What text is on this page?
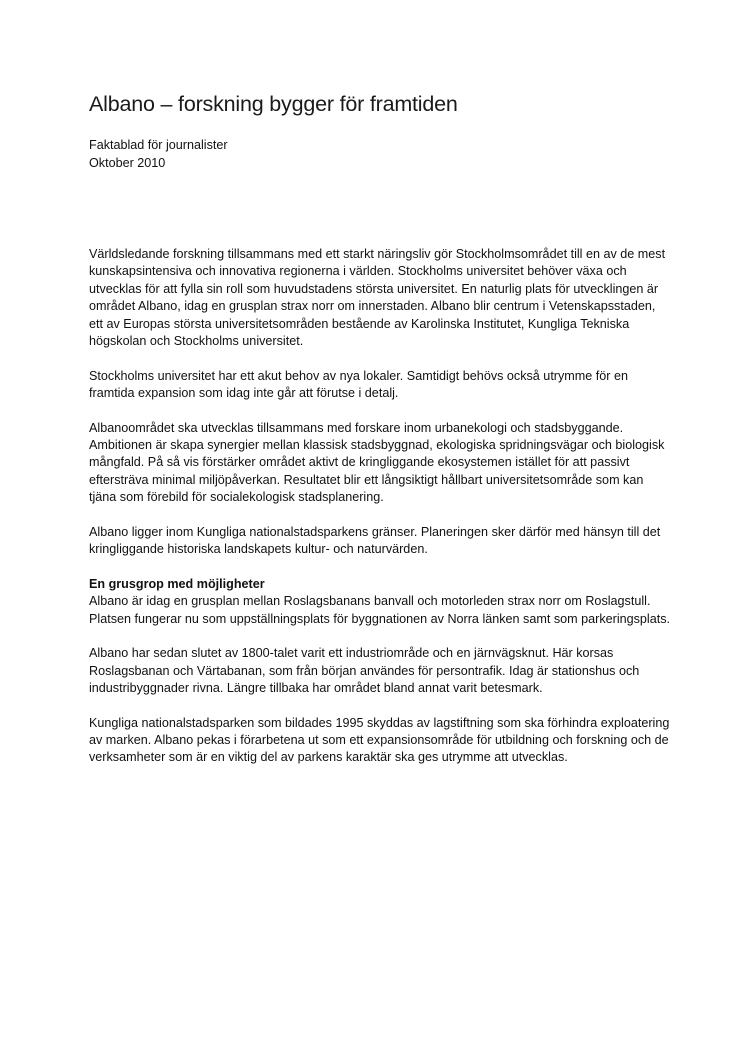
Albano – forskning bygger för framtiden

Faktablad för journalister

Oktober 2010

Världsledande forskning tillsammans med ett starkt näringsliv gör Stockholmsområdet till en av de mest kunskapsintensiva och innovativa regionerna i världen. Stockholms universitet behöver växa och utvecklas för att fylla sin roll som huvudstadens största universitet. En naturlig plats för utvecklingen är området Albano, idag en grusplan strax norr om innerstaden. Albano blir centrum i Vetenskapsstaden, ett av Europas största universitetsområden bestående av Karolinska Institutet, Kungliga Tekniska högskolan och Stockholms universitet.

Stockholms universitet har ett akut behov av nya lokaler. Samtidigt behövs också utrymme för en framtida expansion som idag inte går att förutse i detalj.

Albanoområdet ska utvecklas tillsammans med forskare inom urbanekologi och stadsbyggande. Ambitionen är skapa synergier mellan klassisk stadsbyggnad, ekologiska spridningsvägar och biologisk mångfald. På så vis förstärker området aktivt de kringliggande ekosystemen istället för att passivt eftersträva minimal miljöpåverkan. Resultatet blir ett långsiktigt hållbart universitetsområde som kan tjäna som förebild för socialekologisk stadsplanering.

Albano ligger inom Kungliga nationalstadsparkens gränser. Planeringen sker därför med hänsyn till det kringliggande historiska landskapets kultur- och naturvärden.

En grusgrop med möjligheter

Albano är idag en grusplan mellan Roslagsbanans banvall och motorleden strax norr om Roslagstull. Platsen fungerar nu som uppställningsplats för byggnationen av Norra länken samt som parkeringsplats.

Albano har sedan slutet av 1800-talet varit ett industriområde och en järnvägsknut. Här korsas Roslagsbanan och Värtabanan, som från början användes för persontrafik. Idag är stationshus och industribyggnader rivna. Längre tillbaka har området bland annat varit betesmark.

Kungliga nationalstadsparken som bildades 1995 skyddas av lagstiftning som ska förhindra exploatering av marken. Albano pekas i förarbetena ut som ett expansionsområde för utbildning och forskning och de verksamheter som är en viktig del av parkens karaktär ska ges utrymme att utvecklas.
